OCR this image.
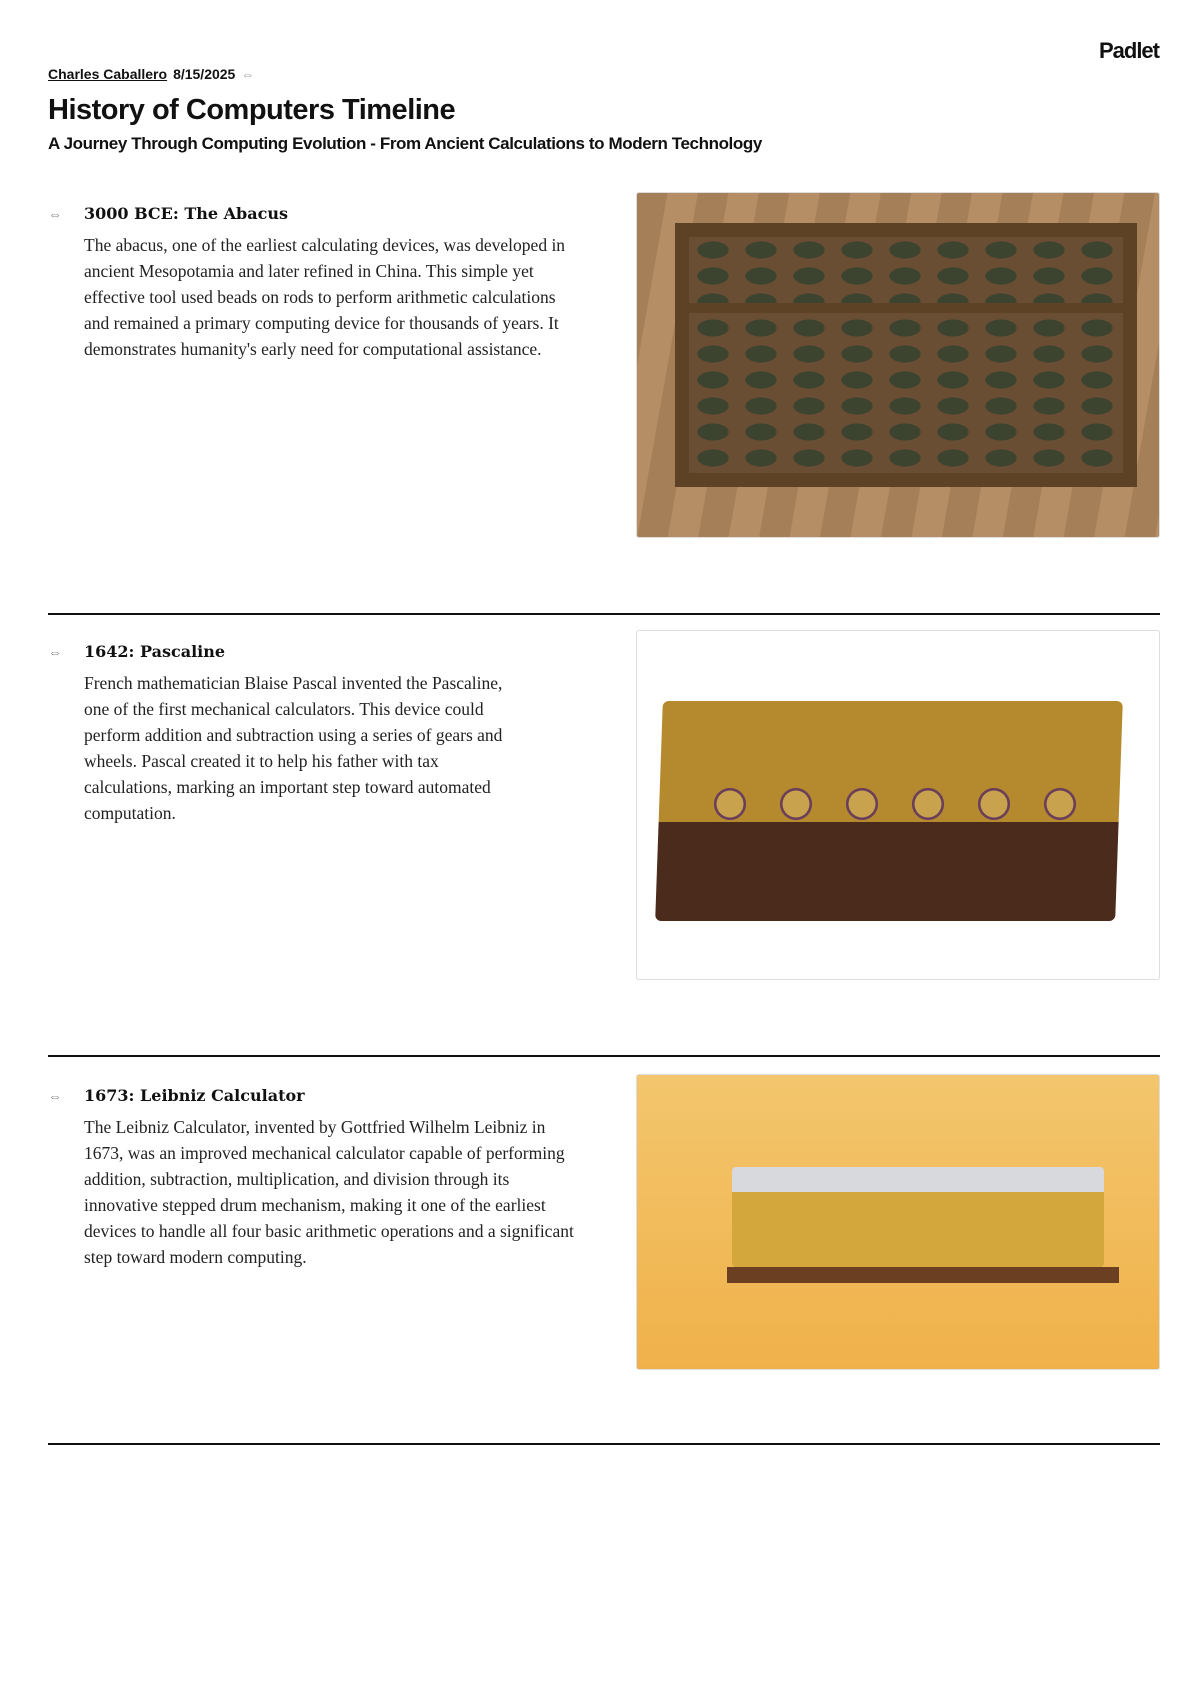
Padlet
Charles Caballero 8/15/2025 ⇔
History of Computers Timeline
A Journey Through Computing Evolution - From Ancient Calculations to Modern Technology
⇔ 3000 BCE: The Abacus
The abacus, one of the earliest calculating devices, was developed in ancient Mesopotamia and later refined in China. This simple yet effective tool used beads on rods to perform arithmetic calculations and remained a primary computing device for thousands of years. It demonstrates humanity's early need for computational assistance.
⇔ 1642: Pascaline
French mathematician Blaise Pascal invented the Pascaline, one of the first mechanical calculators. This device could perform addition and subtraction using a series of gears and wheels. Pascal created it to help his father with tax calculations, marking an important step toward automated computation.
⇔ 1673: Leibniz Calculator
The Leibniz Calculator, invented by Gottfried Wilhelm Leibniz in 1673, was an improved mechanical calculator capable of performing addition, subtraction, multiplication, and division through its innovative stepped drum mechanism, making it one of the earliest devices to handle all four basic arithmetic operations and a significant step toward modern computing.
